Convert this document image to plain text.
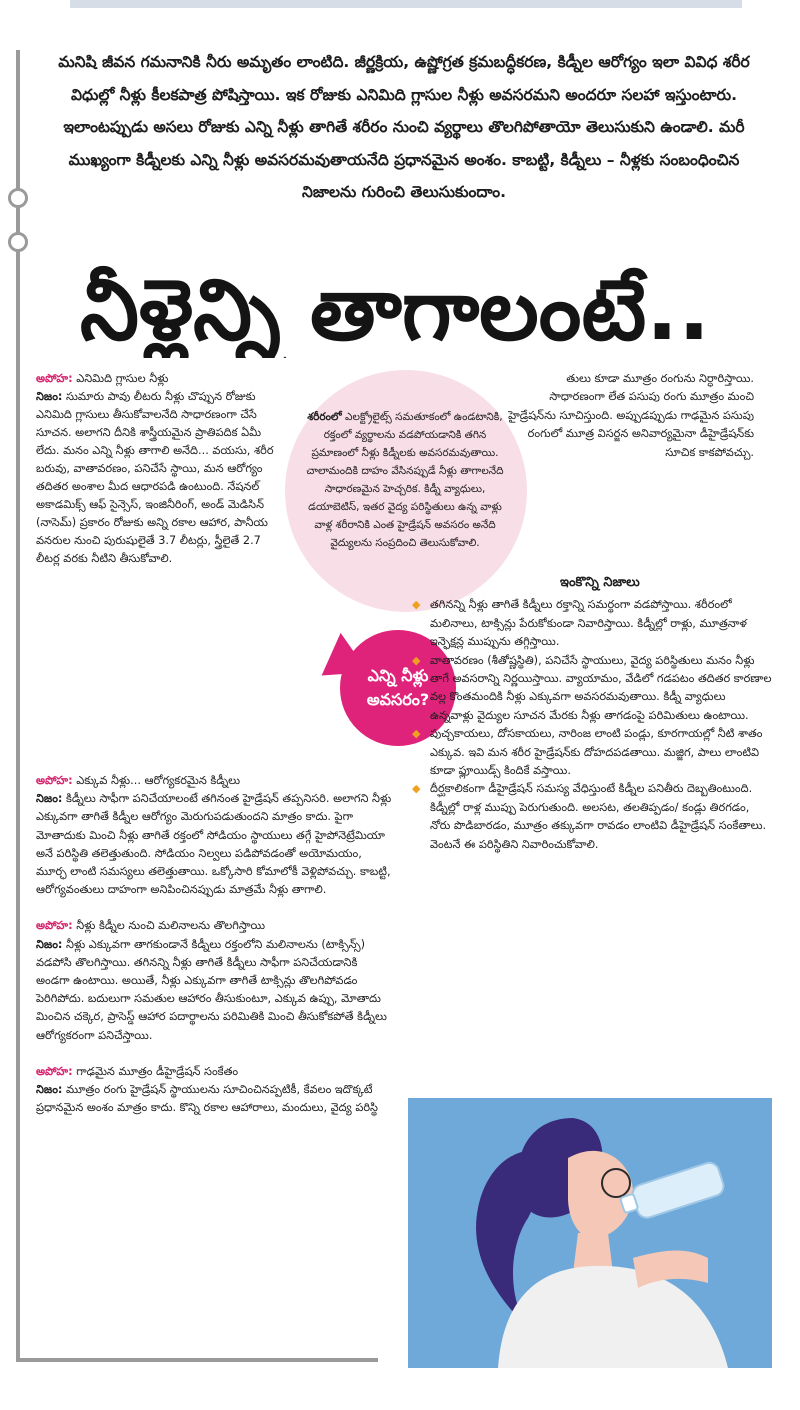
మనిషి జీవన గమనానికి నీరు అమృతం లాంటిది. జీర్ణక్రియ, ఉష్ణోగ్రత క్రమబద్ధీకరణ, కిడ్నీల ఆరోగ్యం ఇలా వివిధ శరీర విధుల్లో నీళ్లు కీలకపాత్ర పోషిస్తాయి. ఇక రోజుకు ఎనిమిది గ్లాసుల నీళ్లు అవసరమని అందరూ సలహా ఇస్తుంటారు. ఇలాంటప్పుడు అసలు రోజుకు ఎన్ని నీళ్లు తాగితే శరీరం నుంచి వ్యర్థాలు తొలగిపోతాయో తెలుసుకుని ఉండాలి. మరీ ముఖ్యంగా కిడ్నీలకు ఎన్ని నీళ్లు అవసరమవుతాయనేది ప్రధానమైన అంశం. కాబట్టి, కిడ్నీలు – నీళ్లకు సంబంధించిన నిజాలను గురించి తెలుసుకుందాం.

నీళ్లెన్ని తాగాలంటే..

అపోహ: ఎనిమిది గ్లాసుల నీళ్లు

నిజం: సుమారు పావు లీటరు నీళ్లు చొప్పున రోజుకు ఎనిమిది గ్లాసులు తీసుకోవాలనేది సాధారణంగా చేసే సూచన. అలాగని దీనికి శాస్త్రీయమైన ప్రాతిపదిక ఏమీ లేదు. మనం ఎన్ని నీళ్లు తాగాలి అనేది... వయసు, శరీర బరువు, వాతావరణం, పనిచేసే స్థాయి, మన ఆరోగ్యం తదితర అంశాల మీద ఆధారపడి ఉంటుంది. నేషనల్ అకాడమిక్స్ ఆఫ్ సైన్సెస్, ఇంజినీరింగ్, అండ్ మెడిసిన్ (నాసెమ్) ప్రకారం రోజుకు అన్ని రకాల ఆహార, పానీయ వనరుల నుంచి పురుషులైతే 3.7 లీటర్లు, స్త్రీలైతే 2.7 లీటర్ల వరకు నీటిని తీసుకోవాలి.

అపోహ: ఎక్కువ నీళ్లు... ఆరోగ్యకరమైన కిడ్నీలు

నిజం: కిడ్నీలు సాఫీగా పనిచేయాలంటే తగినంత హైడ్రేషన్ తప్పనిసరి. అలాగని నీళ్లు ఎక్కువగా తాగితే కిడ్నీల ఆరోగ్యం మెరుగుపడుతుందని మాత్రం కాదు. పైగా మోతాదుకు మించి నీళ్లు తాగితే రక్తంలో సోడియం స్థాయులు తగ్గే హైపోనెట్రేమియా అనే పరిస్థితి తలెత్తుతుంది. సోడియం నిల్వలు పడిపోవడంతో అయోమయం, మూర్ఛ లాంటి సమస్యలు తలెత్తుతాయి. ఒక్కోసారి కోమాలోకీ వెళ్లిపోవచ్చు. కాబట్టి, ఆరోగ్యవంతులు దాహంగా అనిపించినప్పుడు మాత్రమే నీళ్లు తాగాలి.

అపోహ: నీళ్లు కిడ్నీల నుంచి మలినాలను తొలగిస్తాయి

నిజం: నీళ్లు ఎక్కువగా తాగకుండానే కిడ్నీలు రక్తంలోని మలినాలను (టాక్సిన్స్) వడపోసి తొలగిస్తాయి. తగినన్ని నీళ్లు తాగితే కిడ్నీలు సాఫీగా పనిచేయడానికి అండగా ఉంటాయి. అయితే, నీళ్లు ఎక్కువగా తాగితే టాక్సిన్లు తొలగిపోవడం పెరిగిపోదు. బదులుగా సమతుల ఆహారం తీసుకుంటూ, ఎక్కువ ఉప్పు, మోతాదు మించిన చక్కెర, ప్రాసెస్డ్ ఆహార పదార్థాలను పరిమితికి మించి తీసుకోకపోతే కిడ్నీలు ఆరోగ్యకరంగా పనిచేస్తాయి.

అపోహ: గాఢమైన మూత్రం డీహైడ్రేషన్ సంకేతం

నిజం: మూత్రం రంగు హైడ్రేషన్ స్థాయులను సూచించినప్పటికీ, కేవలం ఇదొక్కటే ప్రధానమైన అంశం మాత్రం కాదు. కొన్ని రకాల ఆహారాలు, మందులు, వైద్య పరిస్థి

శరీరంలో ఎలక్ట్రోలైట్స్ సమతూకంలో ఉండటానికి, రక్తంలో వ్యర్థాలను వడపోయడానికి తగిన ప్రమాణంలో నీళ్లు కిడ్నీలకు అవసరమవుతాయి. చాలామందికి దాహం వేసినప్పుడే నీళ్లు తాగాలనేది సాధారణమైన హెచ్చరిక. కిడ్నీ వ్యాధులు, డయాబెటిస్, ఇతర వైద్య పరిస్థితులు ఉన్న వాళ్లు వాళ్ల శరీరానికి ఎంత హైడ్రేషన్ అవసరం అనేది వైద్యులను సంప్రదించి తెలుసుకోవాలి.

ఎన్ని నీళ్లు
అవసరం?

తులు కూడా మూత్రం రంగును నిర్ధారిస్తాయి. సాధారణంగా లేత పసుపు రంగు మూత్రం మంచి హైడ్రేషన్‌ను సూచిస్తుంది. అప్పుడప్పుడు గాఢమైన పసుపు రంగులో మూత్ర విసర్జన అనివార్యమైనా డీహైడ్రేషన్‌కు సూచిక కాకపోవచ్చు.

ఇంకొన్ని నిజాలు
◆ తగినన్ని నీళ్లు తాగితే కిడ్నీలు రక్తాన్ని సమర్థంగా వడపోస్తాయి. శరీరంలో మలినాలు, టాక్సిన్లు పేరుకోకుండా నివారిస్తాయి. కిడ్నీల్లో రాళ్లు, మూత్రనాళ ఇన్ఫెక్షన్ల ముప్పును తగ్గిస్తాయి.
◆ వాతావరణం (శీతోష్ణస్థితి), పనిచేసే స్థాయులు, వైద్య పరిస్థితులు మనం నీళ్లు తాగే అవసరాన్ని నిర్ణయిస్తాయి. వ్యాయామం, వేడిలో గడపటం తదితర కారణాల వల్ల కొంతమందికి నీళ్లు ఎక్కువగా అవసరమవుతాయి. కిడ్నీ వ్యాధులు ఉన్నవాళ్లు వైద్యుల సూచన మేరకు నీళ్లు తాగడంపై పరిమితులు ఉంటాయి.
◆ పుచ్చకాయలు, దోసకాయలు, నారింజ లాంటి పండ్లు, కూరగాయల్లో నీటి శాతం ఎక్కువ. ఇవి మన శరీర హైడ్రేషన్‌కు దోహదపడతాయి. మజ్జిగ, పాలు లాంటివి కూడా ఫ్లూయిడ్స్ కిందికే వస్తాయి.
◆ దీర్ఘకాలికంగా డీహైడ్రేషన్ సమస్య వేధిస్తుంటే కిడ్నీల పనితీరు దెబ్బతింటుంది. కిడ్నీల్లో రాళ్ల ముప్పు పెరుగుతుంది. అలసట, తలతిప్పడం/ కండ్లు తిరగడం, నోరు పొడిబారడం, మూత్రం తక్కువగా రావడం లాంటివి డీహైడ్రేషన్ సంకేతాలు. వెంటనే ఈ పరిస్థితిని నివారించుకోవాలి.
